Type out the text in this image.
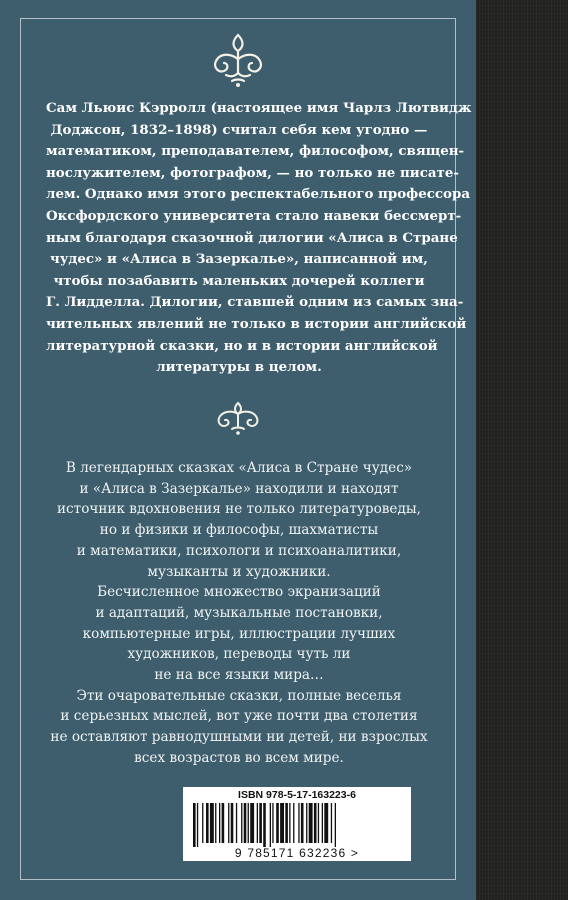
Сам Льюис Кэрролл (настоящее имя Чарлз Лютвидж
Доджсон, 1832–1898) считал себя кем угодно —
математиком, преподавателем, философом, священ-
нослужителем, фотографом, — но только не писате-
лем. Однако имя этого респектабельного профессора
Оксфордского университета стало навеки бессмерт-
ным благодаря сказочной дилогии «Алиса в Стране
чудес» и «Алиса в Зазеркалье», написанной им,
чтобы позабавить маленьких дочерей коллеги
Г. Лидделла. Дилогии, ставшей одним из самых зна-
чительных явлений не только в истории английской
литературной сказки, но и в истории английской
литературы в целом.

В легендарных сказках «Алиса в Стране чудес»
и «Алиса в Зазеркалье» находили и находят
источник вдохновения не только литературоведы,
но и физики и философы, шахматисты
и математики, психологи и психоаналитики,
музыканты и художники.
Бесчисленное множество экранизаций
и адаптаций, музыкальные постановки,
компьютерные игры, иллюстрации лучших
художников, переводы чуть ли
не на все языки мира…
Эти очаровательные сказки, полные веселья
и серьезных мыслей, вот уже почти два столетия
не оставляют равнодушными ни детей, ни взрослых
всех возрастов во всем мире.

ISBN 978-5-17-163223-6
9 785171 632236 >
